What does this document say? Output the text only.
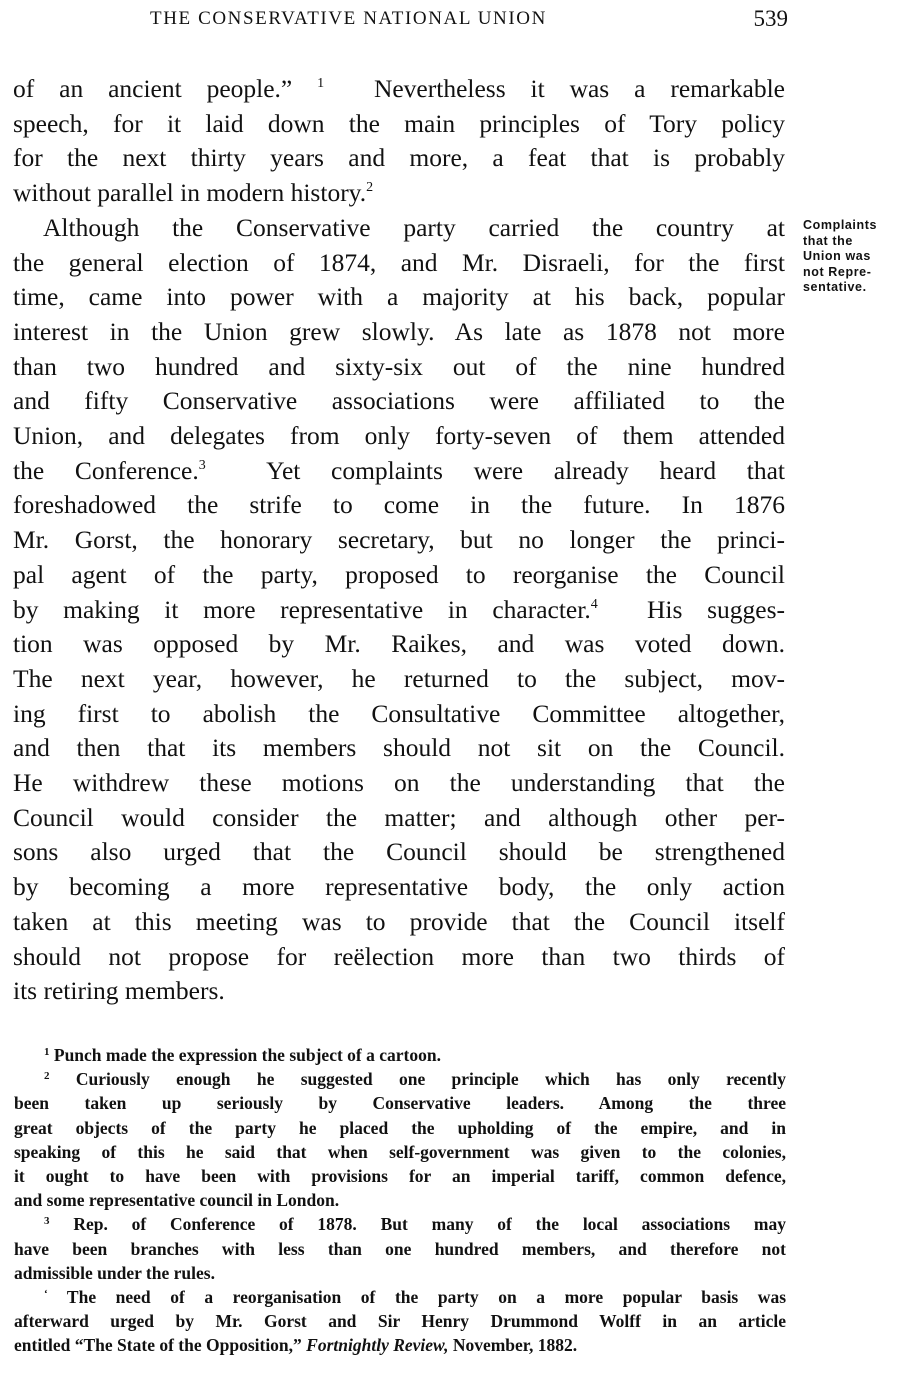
THE CONSERVATIVE NATIONAL UNION	539
Complaints
that the
Union was
not Repre-
sentative.
of an ancient people.” $^1$ Nevertheless it was a remarkable
speech, for it laid down the main principles of Tory policy
for the next thirty years and more, a feat that is probably
without parallel in modern history.$^2$
Although the Conservative party carried the country at
the general election of 1874, and Mr. Disraeli, for the first
time, came into power with a majority at his back, popular
interest in the Union grew slowly. As late as 1878 not more
than two hundred and sixty-six out of the nine hundred
and fifty Conservative associations were affiliated to the
Union, and delegates from only forty-seven of them attended
the Conference.$^3$ Yet complaints were already heard that
foreshadowed the strife to come in the future. In 1876
Mr. Gorst, the honorary secretary, but no longer the princi-
pal agent of the party, proposed to reorganise the Council
by making it more representative in character.$^4$ His sugges-
tion was opposed by Mr. Raikes, and was voted down.
The next year, however, he returned to the subject, mov-
ing first to abolish the Consultative Committee altogether,
and then that its members should not sit on the Council.
He withdrew these motions on the understanding that the
Council would consider the matter; and although other per-
sons also urged that the Council should be strengthened
by becoming a more representative body, the only action
taken at this meeting was to provide that the Council itself
should not propose for reëlection more than two thirds of
its retiring members.
$^1$ Punch made the expression the subject of a cartoon.
$^2$ Curiously enough he suggested one principle which has only recently
been taken up seriously by Conservative leaders. Among the three
great objects of the party he placed the upholding of the empire, and in
speaking of this he said that when self-government was given to the colonies,
it ought to have been with provisions for an imperial tariff, common defence,
and some representative council in London.
$^3$ Rep. of Conference of 1878. But many of the local associations may
have been branches with less than one hundred members, and therefore not
admissible under the rules.
‘ The need of a reorganisation of the party on a more popular basis was
afterward urged by Mr. Gorst and Sir Henry Drummond Wolff in an article
entitled “The State of the Opposition,” Fortnightly Review, November, 1882.
